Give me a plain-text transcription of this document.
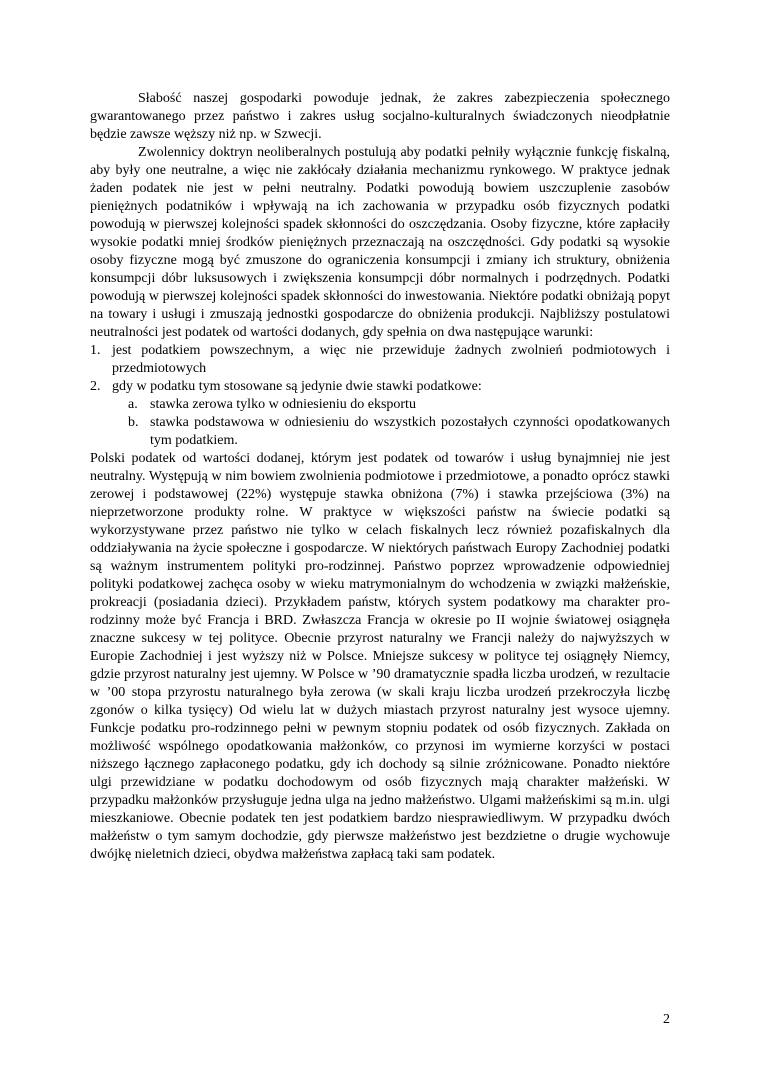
Słabość naszej gospodarki powoduje jednak, że zakres zabezpieczenia społecznego gwarantowanego przez państwo i zakres usług socjalno-kulturalnych świadczonych nieodpłatnie będzie zawsze węższy niż np. w Szwecji.

Zwolennicy doktryn neoliberalnych postulują aby podatki pełniły wyłącznie funkcję fiskalną, aby były one neutralne, a więc nie zakłócały działania mechanizmu rynkowego. W praktyce jednak żaden podatek nie jest w pełni neutralny. Podatki powodują bowiem uszczuplenie zasobów pieniężnych podatników i wpływają na ich zachowania w przypadku osób fizycznych podatki powodują w pierwszej kolejności spadek skłonności do oszczędzania. Osoby fizyczne, które zapłaciły wysokie podatki mniej środków pieniężnych przeznaczają na oszczędności. Gdy podatki są wysokie osoby fizyczne mogą być zmuszone do ograniczenia konsumpcji i zmiany ich struktury, obniżenia konsumpcji dóbr luksusowych i zwiększenia konsumpcji dóbr normalnych i podrzędnych. Podatki powodują w pierwszej kolejności spadek skłonności do inwestowania. Niektóre podatki obniżają popyt na towary i usługi i zmuszają jednostki gospodarcze do obniżenia produkcji. Najbliższy postulatowi neutralności jest podatek od wartości dodanych, gdy spełnia on dwa następujące warunki:

1. jest podatkiem powszechnym, a więc nie przewiduje żadnych zwolnień podmiotowych i przedmiotowych
2. gdy w podatku tym stosowane są jedynie dwie stawki podatkowe:
a. stawka zerowa tylko w odniesieniu do eksportu
b. stawka podstawowa w odniesieniu do wszystkich pozostałych czynności opodatkowanych tym podatkiem.

Polski podatek od wartości dodanej, którym jest podatek od towarów i usług bynajmniej nie jest neutralny. Występują w nim bowiem zwolnienia podmiotowe i przedmiotowe, a ponadto oprócz stawki zerowej i podstawowej (22%) występuje stawka obniżona (7%) i stawka przejściowa (3%) na nieprzetworzone produkty rolne. W praktyce w większości państw na świecie podatki są wykorzystywane przez państwo nie tylko w celach fiskalnych lecz również pozafiskalnych dla oddziaływania na życie społeczne i gospodarcze. W niektórych państwach Europy Zachodniej podatki są ważnym instrumentem polityki pro-rodzinnej. Państwo poprzez wprowadzenie odpowiedniej polityki podatkowej zachęca osoby w wieku matrymonialnym do wchodzenia w związki małżeńskie, prokreacji (posiadania dzieci). Przykładem państw, których system podatkowy ma charakter pro-rodzinny może być Francja i BRD. Zwłaszcza Francja w okresie po II wojnie światowej osiągnęła znaczne sukcesy w tej polityce. Obecnie przyrost naturalny we Francji należy do najwyższych w Europie Zachodniej i jest wyższy niż w Polsce. Mniejsze sukcesy w polityce tej osiągnęły Niemcy, gdzie przyrost naturalny jest ujemny. W Polsce w ’90 dramatycznie spadła liczba urodzeń, w rezultacie w ’00 stopa przyrostu naturalnego była zerowa (w skali kraju liczba urodzeń przekroczyła liczbę zgonów o kilka tysięcy) Od wielu lat w dużych miastach przyrost naturalny jest wysoce ujemny. Funkcje podatku pro-rodzinnego pełni w pewnym stopniu podatek od osób fizycznych. Zakłada on możliwość wspólnego opodatkowania małżonków, co przynosi im wymierne korzyści w postaci niższego łącznego zapłaconego podatku, gdy ich dochody są silnie zróżnicowane. Ponadto niektóre ulgi przewidziane w podatku dochodowym od osób fizycznych mają charakter małżeński. W przypadku małżonków przysługuje jedna ulga na jedno małżeństwo. Ulgami małżeńskimi są m.in. ulgi mieszkaniowe. Obecnie podatek ten jest podatkiem bardzo niesprawiedliwym. W przypadku dwóch małżeństw o tym samym dochodzie, gdy pierwsze małżeństwo jest bezdzietne o drugie wychowuje dwójkę nieletnich dzieci, obydwa małżeństwa zapłacą taki sam podatek.

2
